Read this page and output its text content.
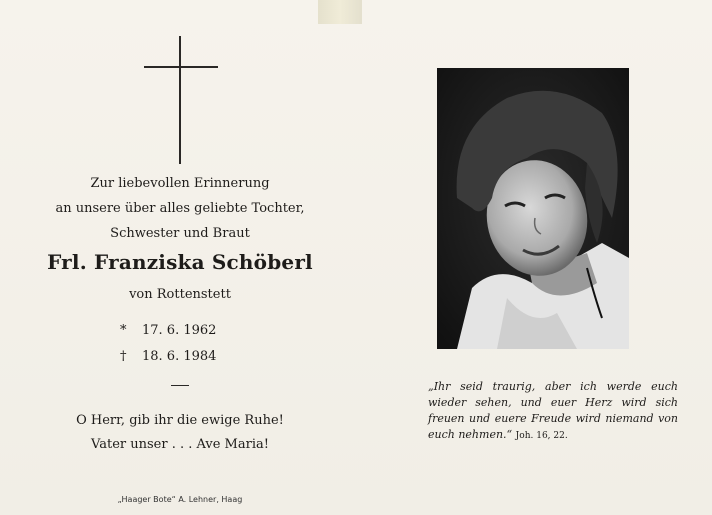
Zur liebevollen Erinnerung
an unsere über alles geliebte Tochter,
Schwester und Braut
Frl. Franziska Schöberl
von Rottenstett
* 17. 6. 1962
† 18. 6. 1984
O Herr, gib ihr die ewige Ruhe!
Vater unser . . . Ave Maria!
„Haager Bote“ A. Lehner, Haag
„Ihr seid traurig, aber ich werde euch wieder sehen, und euer Herz wird sich freuen und euere Freude wird niemand von euch nehmen.“ Joh. 16, 22.
